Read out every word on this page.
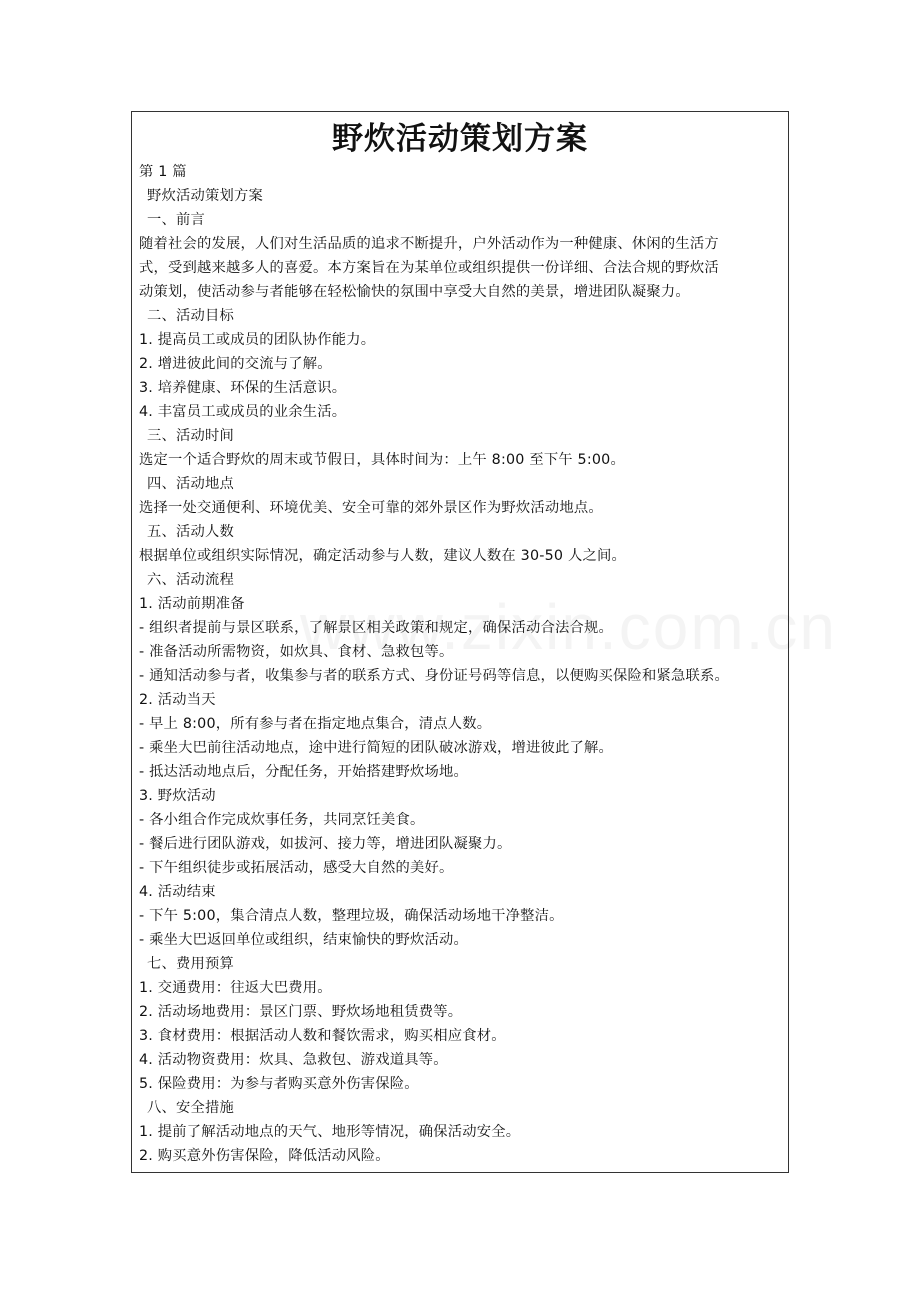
野炊活动策划方案
第 1 篇
野炊活动策划方案
一、前言
随着社会的发展，人们对生活品质的追求不断提升，户外活动作为一种健康、休闲的生活方
式，受到越来越多人的喜爱。本方案旨在为某单位或组织提供一份详细、合法合规的野炊活
动策划，使活动参与者能够在轻松愉快的氛围中享受大自然的美景，增进团队凝聚力。
二、活动目标
1. 提高员工或成员的团队协作能力。
2. 增进彼此间的交流与了解。
3. 培养健康、环保的生活意识。
4. 丰富员工或成员的业余生活。
三、活动时间
选定一个适合野炊的周末或节假日，具体时间为：上午 8:00 至下午 5:00。
四、活动地点
选择一处交通便利、环境优美、安全可靠的郊外景区作为野炊活动地点。
五、活动人数
根据单位或组织实际情况，确定活动参与人数，建议人数在 30-50 人之间。
六、活动流程
1. 活动前期准备
- 组织者提前与景区联系，了解景区相关政策和规定，确保活动合法合规。
- 准备活动所需物资，如炊具、食材、急救包等。
- 通知活动参与者，收集参与者的联系方式、身份证号码等信息，以便购买保险和紧急联系。
2. 活动当天
- 早上 8:00，所有参与者在指定地点集合，清点人数。
- 乘坐大巴前往活动地点，途中进行简短的团队破冰游戏，增进彼此了解。
- 抵达活动地点后，分配任务，开始搭建野炊场地。
3. 野炊活动
- 各小组合作完成炊事任务，共同烹饪美食。
- 餐后进行团队游戏，如拔河、接力等，增进团队凝聚力。
- 下午组织徒步或拓展活动，感受大自然的美好。
4. 活动结束
- 下午 5:00，集合清点人数，整理垃圾，确保活动场地干净整洁。
- 乘坐大巴返回单位或组织，结束愉快的野炊活动。
七、费用预算
1. 交通费用：往返大巴费用。
2. 活动场地费用：景区门票、野炊场地租赁费等。
3. 食材费用：根据活动人数和餐饮需求，购买相应食材。
4. 活动物资费用：炊具、急救包、游戏道具等。
5. 保险费用：为参与者购买意外伤害保险。
八、安全措施
1. 提前了解活动地点的天气、地形等情况，确保活动安全。
2. 购买意外伤害保险，降低活动风险。
